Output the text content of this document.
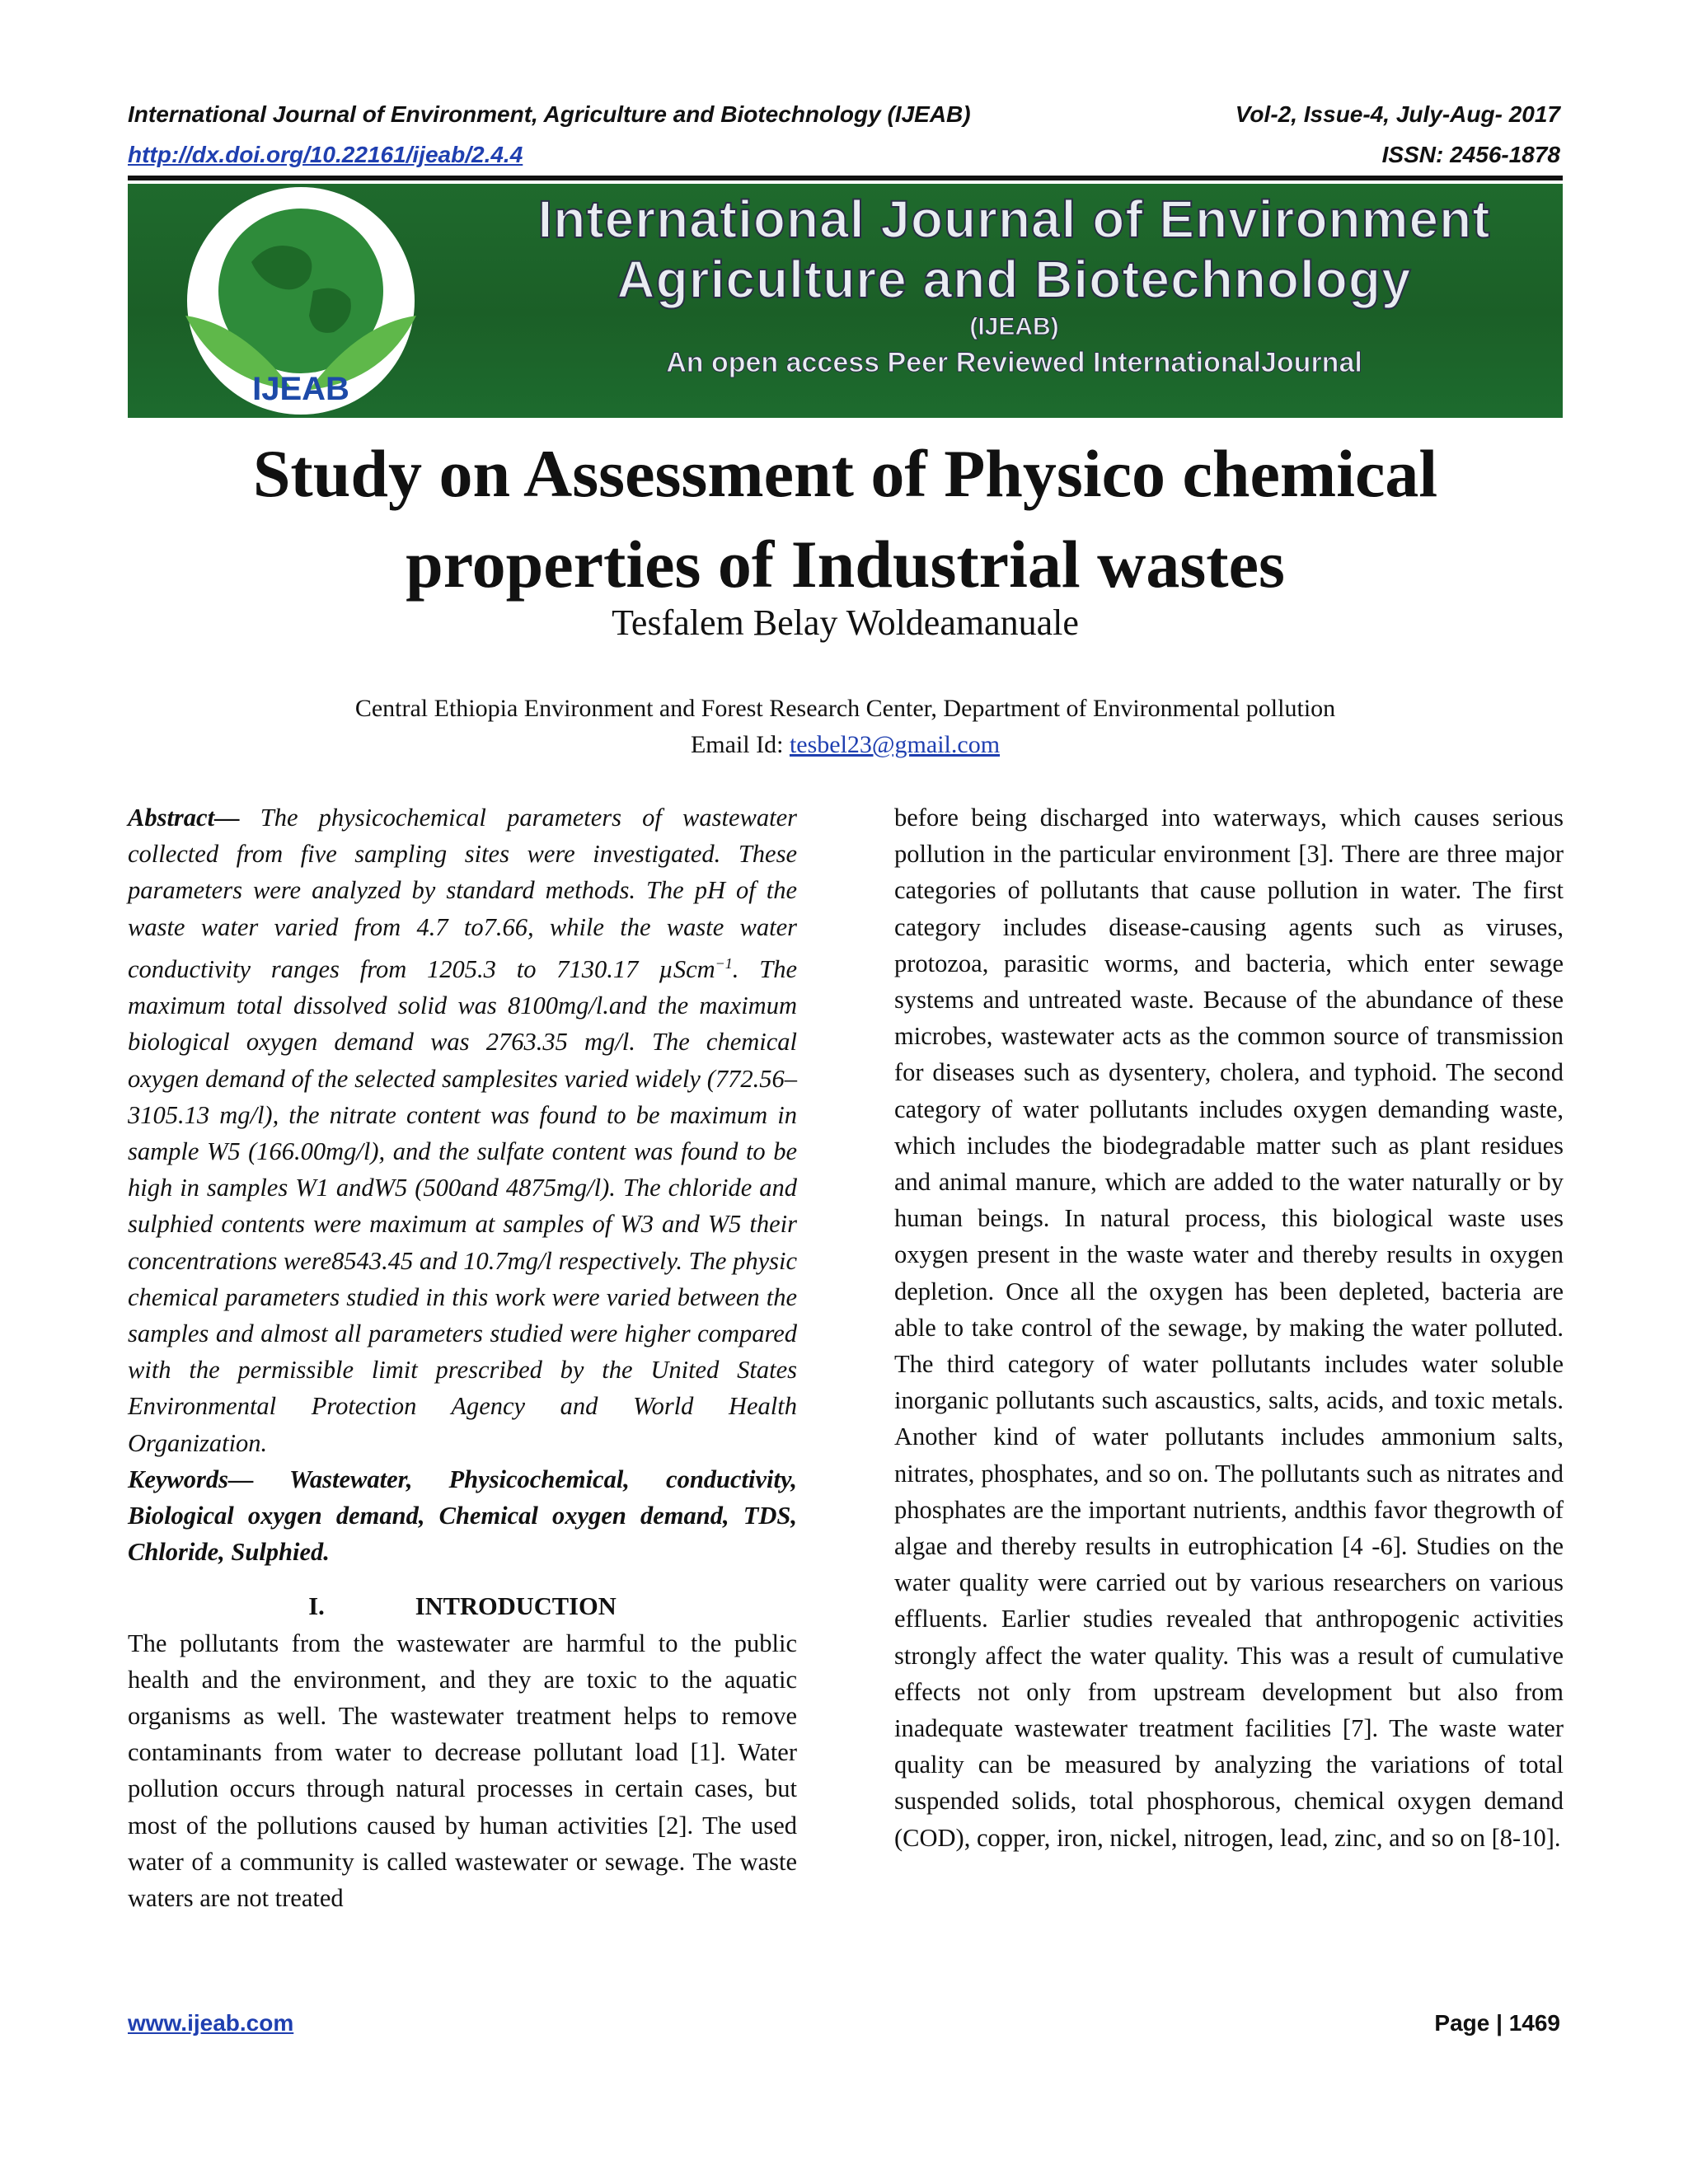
International Journal of Environment, Agriculture and Biotechnology (IJEAB)	Vol-2, Issue-4, July-Aug- 2017
http://dx.doi.org/10.22161/ijeab/2.4.4	ISSN: 2456-1878
IJEAB
International Journal of Environment
Agriculture and Biotechnology
(IJEAB)
An open access Peer Reviewed InternationalJournal
Study on Assessment of Physico chemical
properties of Industrial wastes
Tesfalem Belay Woldeamanuale
Central Ethiopia Environment and Forest Research Center, Department of Environmental pollution
Email Id: tesbel23@gmail.com

Abstract— The physicochemical parameters of wastewater collected from five sampling sites were investigated. These parameters were analyzed by standard methods. The pH of the waste water varied from 4.7 to7.66, while the waste water conductivity ranges from 1205.3 to 7130.17 µScm$^{-1}$. The maximum total dissolved solid was 8100mg/l.and the maximum biological oxygen demand was 2763.35 mg/l. The chemical oxygen demand of the selected samplesites varied widely (772.56–3105.13 mg/l), the nitrate content was found to be maximum in sample W5 (166.00mg/l), and the sulfate content was found to be high in samples W1 andW5 (500and 4875mg/l). The chloride and sulphied contents were maximum at samples of W3 and W5 their concentrations were8543.45 and 10.7mg/l respectively. The physic chemical parameters studied in this work were varied between the samples and almost all parameters studied were higher compared with the permissible limit prescribed by the United States Environmental Protection Agency and World Health Organization.

Keywords— Wastewater, Physicochemical, conductivity, Biological oxygen demand, Chemical oxygen demand, TDS, Chloride, Sulphied.

I.	INTRODUCTION

The pollutants from the wastewater are harmful to the public health and the environment, and they are toxic to the aquatic organisms as well. The wastewater treatment helps to remove contaminants from water to decrease pollutant load [1]. Water pollution occurs through natural processes in certain cases, but most of the pollutions caused by human activities [2]. The used water of a community is called wastewater or sewage. The waste waters are not treated

before being discharged into waterways, which causes serious pollution in the particular environment [3]. There are three major categories of pollutants that cause pollution in water. The first category includes disease-causing agents such as viruses, protozoa, parasitic worms, and bacteria, which enter sewage systems and untreated waste. Because of the abundance of these microbes, wastewater acts as the common source of transmission for diseases such as dysentery, cholera, and typhoid. The second category of water pollutants includes oxygen demanding waste, which includes the biodegradable matter such as plant residues and animal manure, which are added to the water naturally or by human beings. In natural process, this biological waste uses oxygen present in the waste water and thereby results in oxygen depletion. Once all the oxygen has been depleted, bacteria are able to take control of the sewage, by making the water polluted. The third category of water pollutants includes water soluble inorganic pollutants such ascaustics, salts, acids, and toxic metals. Another kind of water pollutants includes ammonium salts, nitrates, phosphates, and so on. The pollutants such as nitrates and phosphates are the important nutrients, andthis favor thegrowth of algae and thereby results in eutrophication [4 -6]. Studies on the water quality were carried out by various researchers on various effluents. Earlier studies revealed that anthropogenic activities strongly affect the water quality. This was a result of cumulative effects not only from upstream development but also from inadequate wastewater treatment facilities [7]. The waste water quality can be measured by analyzing the variations of total suspended solids, total phosphorous, chemical oxygen demand (COD), copper, iron, nickel, nitrogen, lead, zinc, and so on [8-10].

www.ijeab.com	Page | 1469
